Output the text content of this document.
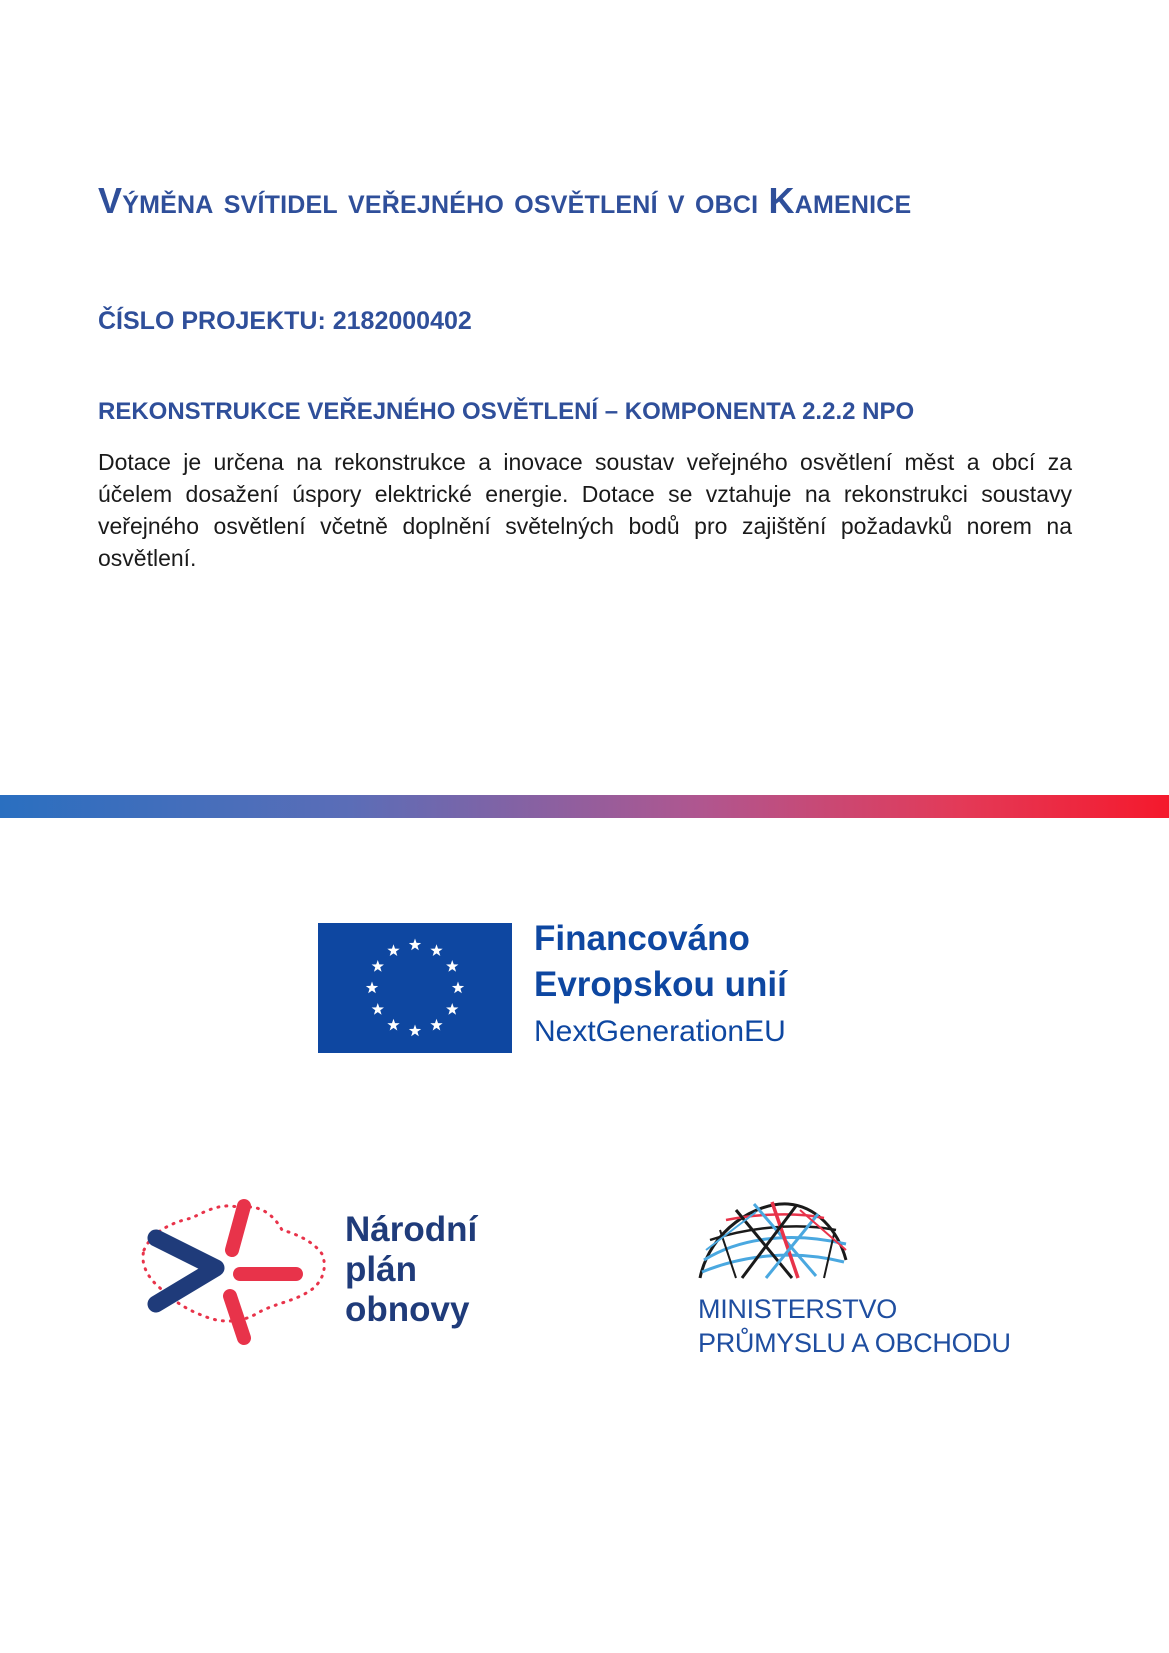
Výměna svítidel veřejného osvětlení v obci Kamenice

ČÍSLO PROJEKTU: 2182000402

REKONSTRUKCE VEŘEJNÉHO OSVĚTLENÍ – KOMPONENTA 2.2.2 NPO

Dotace je určena na rekonstrukce a inovace soustav veřejného osvětlení měst a obcí za účelem dosažení úspory elektrické energie. Dotace se vztahuje na rekonstrukci soustavy veřejného osvětlení včetně doplnění světelných bodů pro zajištění požadavků norem na osvětlení.

Financováno
Evropskou unií
NextGenerationEU
Národní
plán
obnovy	MINISTERSTVO
PRŮMYSLU A OBCHODU
